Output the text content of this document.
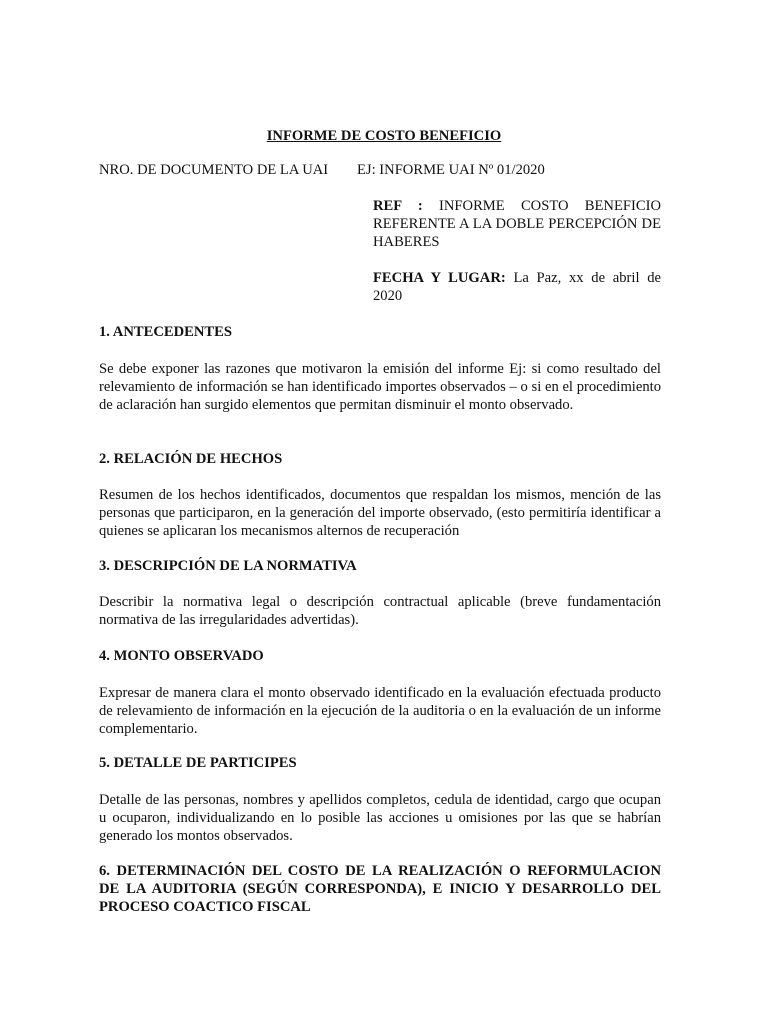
INFORME DE COSTO BENEFICIO
NRO. DE DOCUMENTO DE LA UAI EJ: INFORME UAI Nº 01/2020
REF : INFORME COSTO BENEFICIO REFERENTE A LA DOBLE PERCEPCIÓN DE HABERES
FECHA Y LUGAR: La Paz, xx de abril de 2020
1. ANTECEDENTES
Se debe exponer las razones que motivaron la emisión del informe Ej: si como resultado del relevamiento de información se han identificado importes observados – o si en el procedimiento de aclaración han surgido elementos que permitan disminuir el monto observado.
2. RELACIÓN DE HECHOS
Resumen de los hechos identificados, documentos que respaldan los mismos, mención de las personas que participaron, en la generación del importe observado, (esto permitiría identificar a quienes se aplicaran los mecanismos alternos de recuperación
3. DESCRIPCIÓN DE LA NORMATIVA
Describir la normativa legal o descripción contractual aplicable (breve fundamentación normativa de las irregularidades advertidas).
4. MONTO OBSERVADO
Expresar de manera clara el monto observado identificado en la evaluación efectuada producto de relevamiento de información en la ejecución de la auditoria o en la evaluación de un informe complementario.
5. DETALLE DE PARTICIPES
Detalle de las personas, nombres y apellidos completos, cedula de identidad, cargo que ocupan u ocuparon, individualizando en lo posible las acciones u omisiones por las que se habrían generado los montos observados.
6. DETERMINACIÓN DEL COSTO DE LA REALIZACIÓN O REFORMULACION DE LA AUDITORIA (SEGÚN CORRESPONDA), E INICIO Y DESARROLLO DEL PROCESO COACTICO FISCAL
